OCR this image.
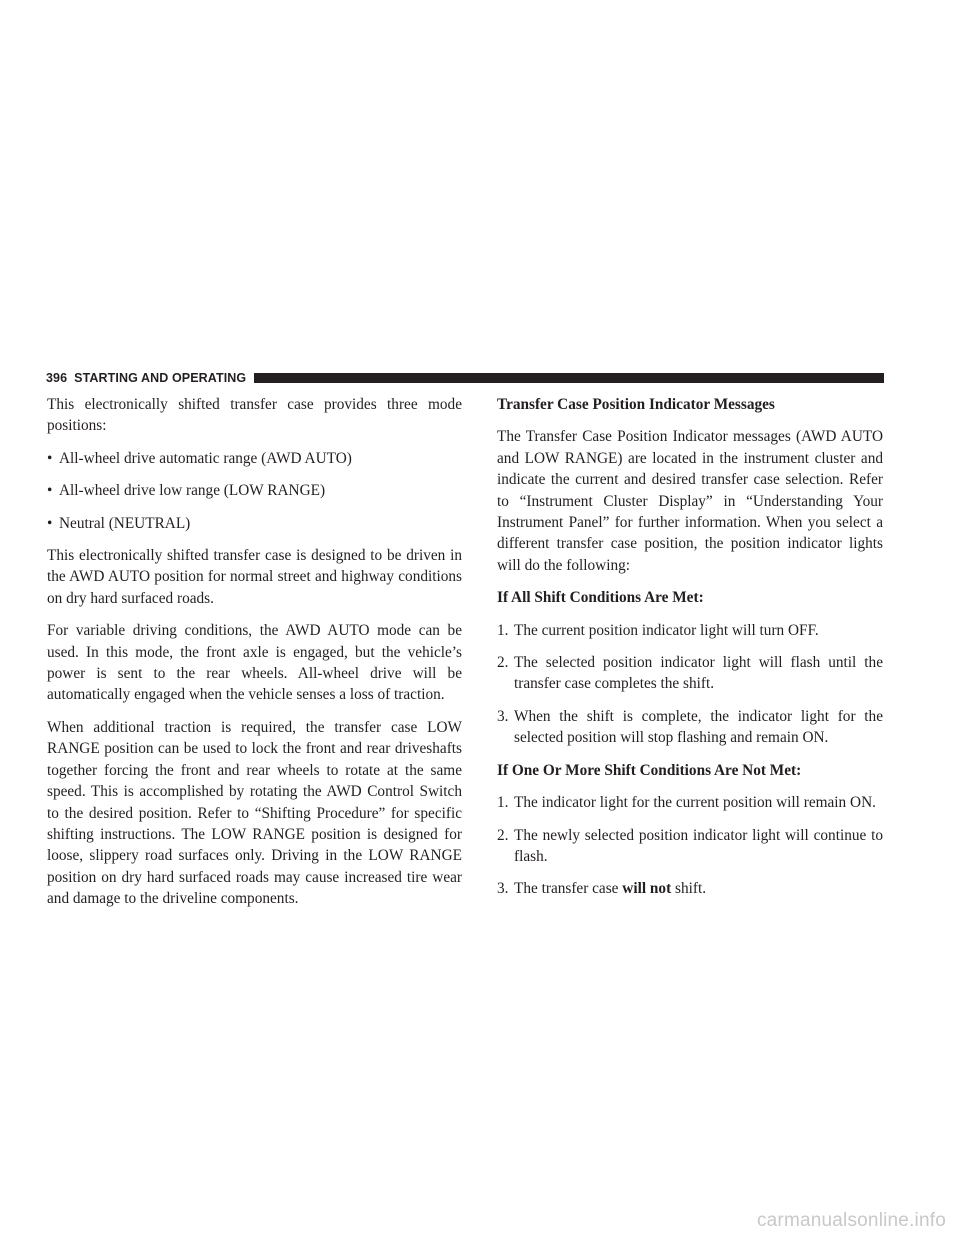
396 STARTING AND OPERATING

This electronically shifted transfer case provides three mode positions:

• All-wheel drive automatic range (AWD AUTO)
• All-wheel drive low range (LOW RANGE)
• Neutral (NEUTRAL)

This electronically shifted transfer case is designed to be driven in the AWD AUTO position for normal street and highway conditions on dry hard surfaced roads.

For variable driving conditions, the AWD AUTO mode can be used. In this mode, the front axle is engaged, but the vehicle’s power is sent to the rear wheels. All-wheel drive will be automatically engaged when the vehicle senses a loss of traction.

When additional traction is required, the transfer case LOW RANGE position can be used to lock the front and rear driveshafts together forcing the front and rear wheels to rotate at the same speed. This is accomplished by rotating the AWD Control Switch to the desired position. Refer to “Shifting Procedure” for specific shifting instructions. The LOW RANGE position is designed for loose, slippery road surfaces only. Driving in the LOW RANGE position on dry hard surfaced roads may cause increased tire wear and damage to the driveline components.

Transfer Case Position Indicator Messages

The Transfer Case Position Indicator messages (AWD AUTO and LOW RANGE) are located in the instrument cluster and indicate the current and desired transfer case selection. Refer to “Instrument Cluster Display” in “Understanding Your Instrument Panel” for further information. When you select a different transfer case position, the position indicator lights will do the following:

If All Shift Conditions Are Met:
1. The current position indicator light will turn OFF.
2. The selected position indicator light will flash until the transfer case completes the shift.
3. When the shift is complete, the indicator light for the selected position will stop flashing and remain ON.
If One Or More Shift Conditions Are Not Met:
1. The indicator light for the current position will remain ON.
2. The newly selected position indicator light will continue to flash.
3. The transfer case will not shift.
carmanualsonline.info
